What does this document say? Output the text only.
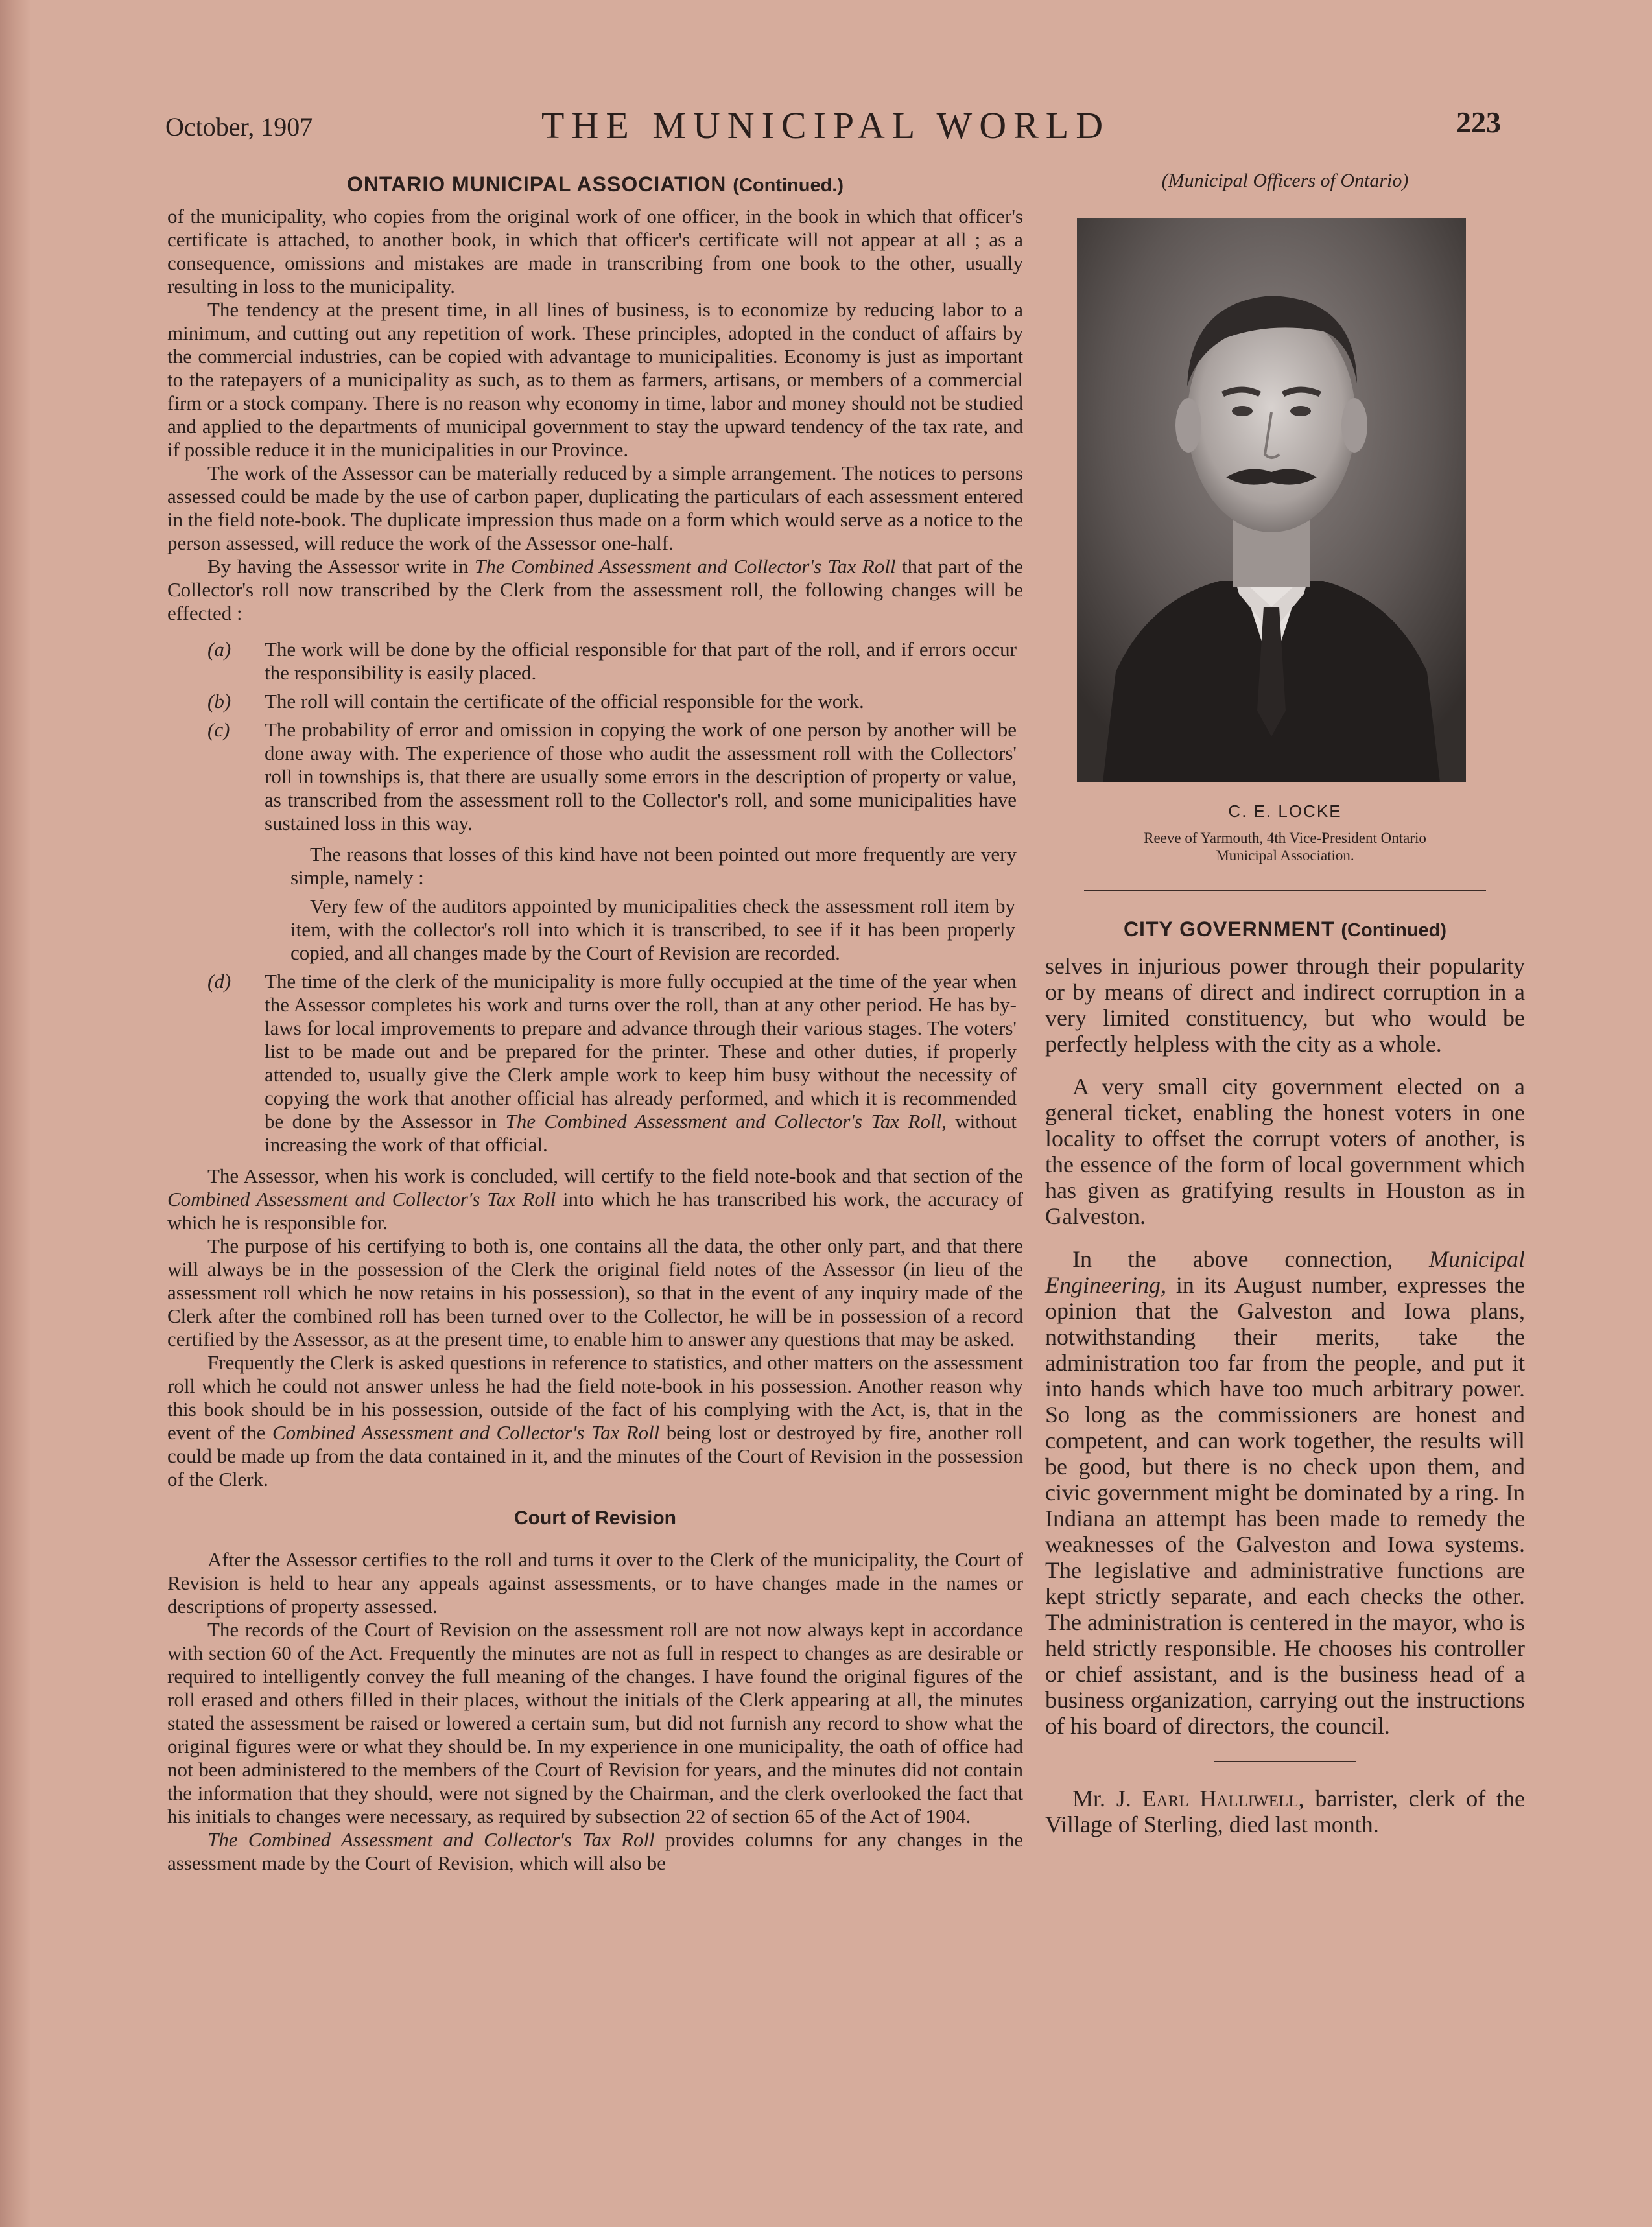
October, 1907	THE MUNICIPAL WORLD	223
ONTARIO MUNICIPAL ASSOCIATION (Continued.)

of the municipality, who copies from the original work of one officer, in the book in which that officer's certificate is attached, to another book, in which that officer's certificate will not appear at all ; as a consequence, omissions and mistakes are made in transcribing from one book to the other, usually resulting in loss to the municipality.

The tendency at the present time, in all lines of business, is to economize by reducing labor to a minimum, and cutting out any repetition of work. These principles, adopted in the conduct of affairs by the commercial industries, can be copied with advantage to municipalities. Economy is just as important to the ratepayers of a municipality as such, as to them as farmers, artisans, or members of a commercial firm or a stock company. There is no reason why economy in time, labor and money should not be studied and applied to the departments of municipal government to stay the upward tendency of the tax rate, and if possible reduce it in the municipalities in our Province.

The work of the Assessor can be materially reduced by a simple arrangement. The notices to persons assessed could be made by the use of carbon paper, duplicating the particulars of each assessment entered in the field note-book. The duplicate impression thus made on a form which would serve as a notice to the person assessed, will reduce the work of the Assessor one-half.

By having the Assessor write in The Combined Assessment and Collector's Tax Roll that part of the Collector's roll now transcribed by the Clerk from the assessment roll, the following changes will be effected :

(a) The work will be done by the official responsible for that part of the roll, and if errors occur the responsibility is easily placed.
(b) The roll will contain the certificate of the official responsible for the work.
(c) The probability of error and omission in copying the work of one person by another will be done away with. The experience of those who audit the assessment roll with the Collectors' roll in townships is, that there are usually some errors in the description of property or value, as transcribed from the assessment roll to the Collector's roll, and some municipalities have sustained loss in this way.
The reasons that losses of this kind have not been pointed out more frequently are very simple, namely :
Very few of the auditors appointed by municipalities check the assessment roll item by item, with the collector's roll into which it is transcribed, to see if it has been properly copied, and all changes made by the Court of Revision are recorded.
(d) The time of the clerk of the municipality is more fully occupied at the time of the year when the Assessor completes his work and turns over the roll, than at any other period. He has by-laws for local improvements to prepare and advance through their various stages. The voters' list to be made out and be prepared for the printer. These and other duties, if properly attended to, usually give the Clerk ample work to keep him busy without the necessity of copying the work that another official has already performed, and which it is recommended be done by the Assessor in The Combined Assessment and Collector's Tax Roll, without increasing the work of that official.

The Assessor, when his work is concluded, will certify to the field note-book and that section of the Combined Assessment and Collector's Tax Roll into which he has transcribed his work, the accuracy of which he is responsible for.

The purpose of his certifying to both is, one contains all the data, the other only part, and that there will always be in the possession of the Clerk the original field notes of the Assessor (in lieu of the assessment roll which he now retains in his possession), so that in the event of any inquiry made of the Clerk after the combined roll has been turned over to the Collector, he will be in possession of a record certified by the Assessor, as at the present time, to enable him to answer any questions that may be asked.

Frequently the Clerk is asked questions in reference to statistics, and other matters on the assessment roll which he could not answer unless he had the field note-book in his possession. Another reason why this book should be in his possession, outside of the fact of his complying with the Act, is, that in the event of the Combined Assessment and Collector's Tax Roll being lost or destroyed by fire, another roll could be made up from the data contained in it, and the minutes of the Court of Revision in the possession of the Clerk.

Court of Revision

After the Assessor certifies to the roll and turns it over to the Clerk of the municipality, the Court of Revision is held to hear any appeals against assessments, or to have changes made in the names or descriptions of property assessed.

The records of the Court of Revision on the assessment roll are not now always kept in accordance with section 60 of the Act. Frequently the minutes are not as full in respect to changes as are desirable or required to intelligently convey the full meaning of the changes. I have found the original figures of the roll erased and others filled in their places, without the initials of the Clerk appearing at all, the minutes stated the assessment be raised or lowered a certain sum, but did not furnish any record to show what the original figures were or what they should be. In my experience in one municipality, the oath of office had not been administered to the members of the Court of Revision for years, and the minutes did not contain the information that they should, were not signed by the Chairman, and the clerk overlooked the fact that his initials to changes were necessary, as required by subsection 22 of section 65 of the Act of 1904.

The Combined Assessment and Collector's Tax Roll provides columns for any changes in the assessment made by the Court of Revision, which will also be

(Municipal Officers of Ontario)
C. E. LOCKE
Reeve of Yarmouth, 4th Vice-President Ontario
Municipal Association.
CITY GOVERNMENT (Continued)

selves in injurious power through their popularity or by means of direct and indirect corruption in a very limited constituency, but who would be perfectly helpless with the city as a whole.

A very small city government elected on a general ticket, enabling the honest voters in one locality to offset the corrupt voters of another, is the essence of the form of local government which has given as gratifying results in Houston as in Galveston.

In the above connection, Municipal Engineering, in its August number, expresses the opinion that the Galveston and Iowa plans, notwithstanding their merits, take the administration too far from the people, and put it into hands which have too much arbitrary power. So long as the commissioners are honest and competent, and can work together, the results will be good, but there is no check upon them, and civic government might be dominated by a ring. In Indiana an attempt has been made to remedy the weaknesses of the Galveston and Iowa systems. The legislative and administrative functions are kept strictly separate, and each checks the other. The administration is centered in the mayor, who is held strictly responsible. He chooses his controller or chief assistant, and is the business head of a business organization, carrying out the instructions of his board of directors, the council.

Mr. J. Earl Halliwell, barrister, clerk of the Village of Sterling, died last month.
